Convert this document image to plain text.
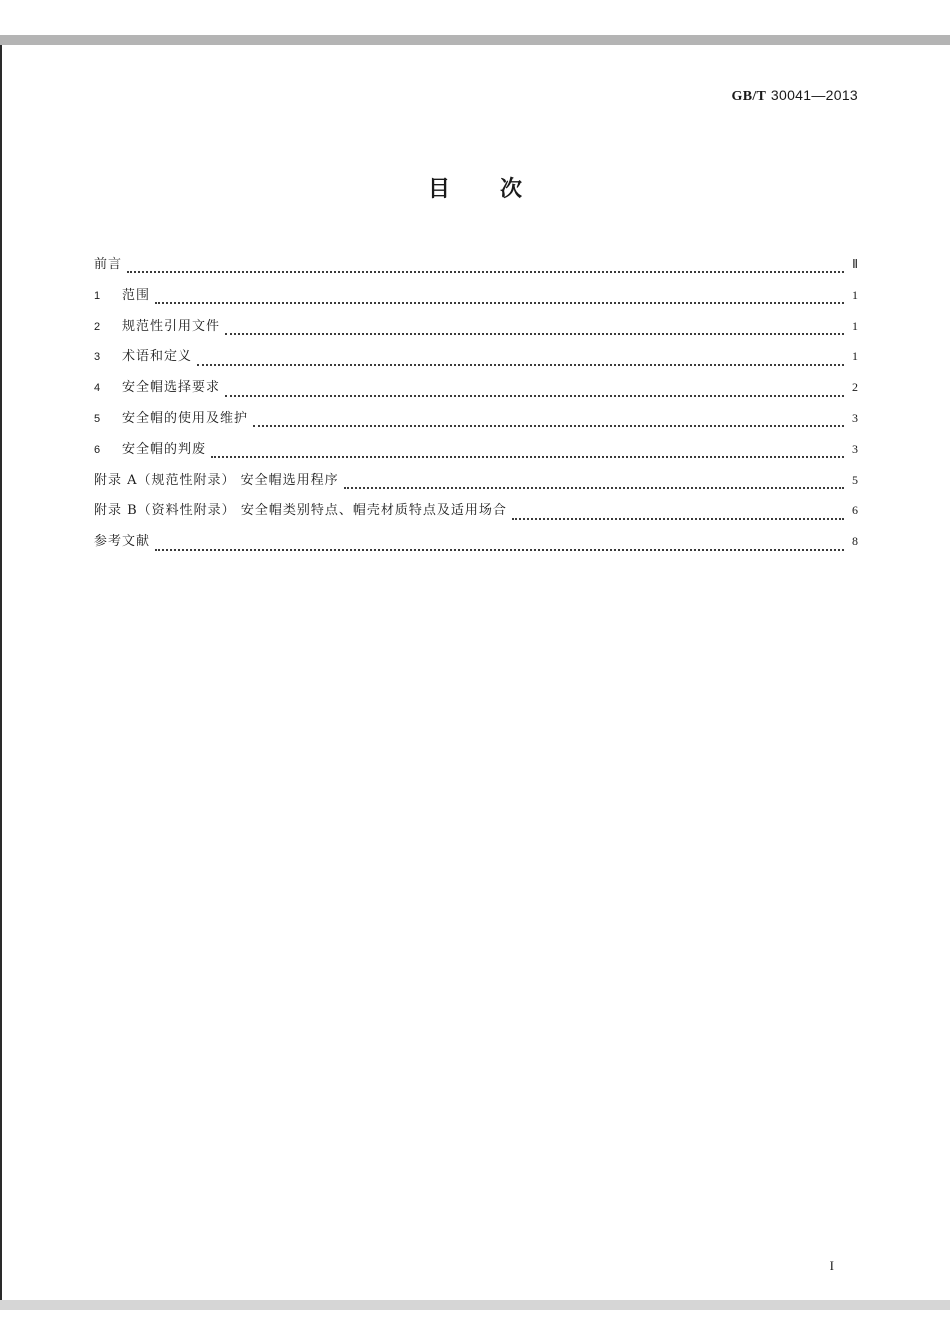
GB/T 30041—2013
目次
前言	Ⅱ
1	范围	1
2	规范性引用文件	1
3	术语和定义	1
4	安全帽选择要求	2
5	安全帽的使用及维护	3
6	安全帽的判废	3
附录 A（规范性附录） 安全帽选用程序	5
附录 B（资料性附录） 安全帽类别特点、帽壳材质特点及适用场合	6
参考文献	8
I
